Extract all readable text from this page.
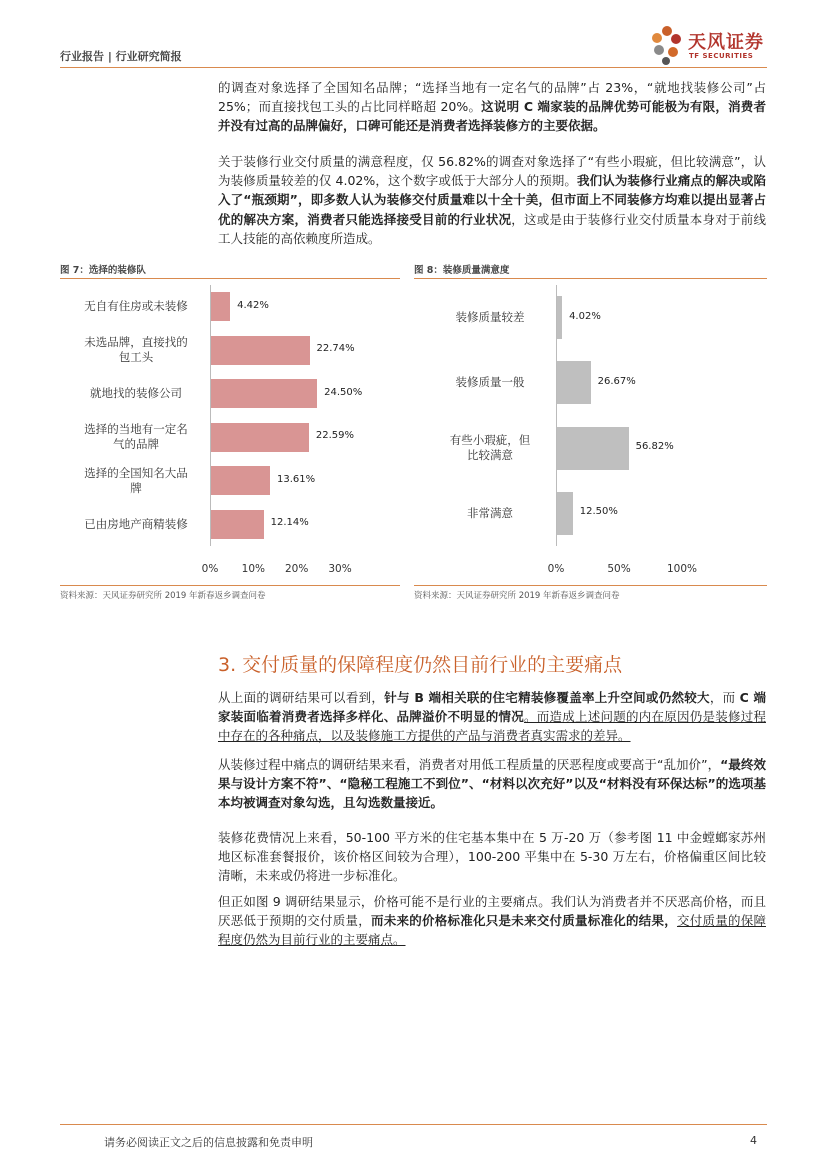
行业报告 | 行业研究简报
天风证券
TF SECURITIES

的调查对象选择了全国知名品牌；“选择当地有一定名气的品牌”占 23%，“就地找装修公司”占 25%；而直接找包工头的占比同样略超 20%。这说明 C 端家装的品牌优势可能极为有限，消费者并没有过高的品牌偏好，口碑可能还是消费者选择装修方的主要依据。

关于装修行业交付质量的满意程度，仅 56.82%的调查对象选择了“有些小瑕疵，但比较满意”，认为装修质量较差的仅 4.02%，这个数字或低于大部分人的预期。我们认为装修行业痛点的解决或陷入了“瓶颈期”，即多数人认为装修交付质量难以十全十美，但市面上不同装修方均难以提出显著占优的解决方案，消费者只能选择接受目前的行业状况，这或是由于装修行业交付质量本身对于前线工人技能的高依赖度所造成。

图 7：选择的装修队
无自有住房或未装修	4.42%
未选品牌，直接找的
包工头
22.74%
就地找的装修公司	24.50%
选择的当地有一定名
气的品牌
22.59%
选择的全国知名大品
牌
13.61%
已由房地产商精装修	12.14%
0% 10% 20% 30%
资料来源：天风证券研究所 2019 年新春返乡调查问卷
图 8：装修质量满意度
装修质量较差	4.02%
装修质量一般	26.67%
有些小瑕疵，但
比较满意
56.82%
非常满意	12.50%
0%	50%	100%
资料来源：天风证券研究所 2019 年新春返乡调查问卷
3. 交付质量的保障程度仍然目前行业的主要痛点

从上面的调研结果可以看到，针与 B 端相关联的住宅精装修覆盖率上升空间或仍然较大，而 C 端家装面临着消费者选择多样化、品牌溢价不明显的情况。而造成上述问题的内在原因仍是装修过程中存在的各种痛点，以及装修施工方提供的产品与消费者真实需求的差异。

从装修过程中痛点的调研结果来看，消费者对用低工程质量的厌恶程度或要高于“乱加价”，“最终效果与设计方案不符”、“隐秘工程施工不到位”、“材料以次充好”以及“材料没有环保达标”的选项基本均被调查对象勾选，且勾选数量接近。

装修花费情况上来看，50-100 平方米的住宅基本集中在 5 万-20 万（参考图 11 中金螳螂家苏州地区标准套餐报价，该价格区间较为合理），100-200 平集中在 5-30 万左右，价格偏重区间比较清晰，未来或仍将进一步标准化。

但正如图 9 调研结果显示，价格可能不是行业的主要痛点。我们认为消费者并不厌恶高价格，而且厌恶低于预期的交付质量，而未来的价格标准化只是未来交付质量标准化的结果，交付质量的保障程度仍然为目前行业的主要痛点。

请务必阅读正文之后的信息披露和免责申明	4
